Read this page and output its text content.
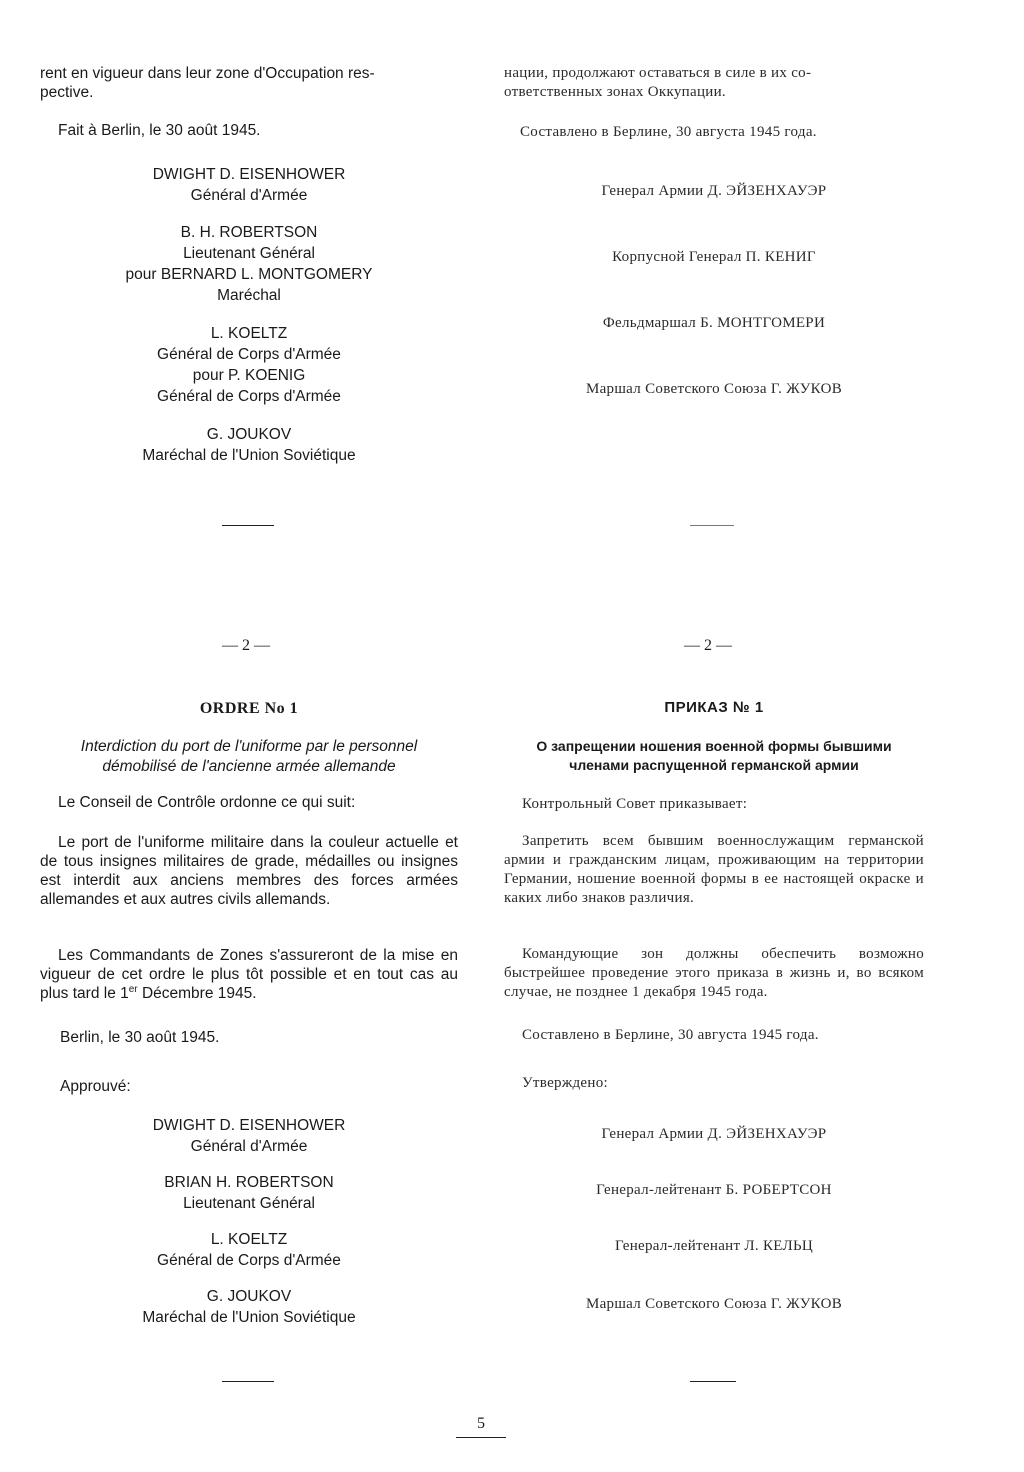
rent en vigueur dans leur zone d'Occupation res-

pective.

Fait à Berlin, le 30 août 1945.
DWIGHT D. EISENHOWER
Général d'Armée
B. H. ROBERTSON
Lieutenant Général
pour BERNARD L. MONTGOMERY
Maréchal
L. KOELTZ
Général de Corps d'Armée
pour P. KOENIG
Général de Corps d'Armée
G. JOUKOV
Maréchal de l'Union Soviétique
— 2 —

нации, продолжают оставаться в силе в их со-

ответственных зонах Оккупации.

Составлено в Берлине, 30 августа 1945 года.
Генерал Армии Д. ЭЙЗЕНХАУЭР
Корпусной Генерал П. КЕНИГ
Фельдмаршал Б. МОНТГОМЕРИ
Маршал Советского Союза Г. ЖУКОВ
— 2 —
ORDRE No 1
Interdiction du port de l'uniforme par le personnel
démobilisé de l'ancienne armée allemande
Le Conseil de Contrôle ordonne ce qui suit:

Le port de l'uniforme militaire dans la couleur actuelle et de tous insignes militaires de grade, médailles ou insignes est interdit aux anciens membres des forces armées allemandes et aux autres civils allemands.

Les Commandants de Zones s'assureront de la mise en vigueur de cet ordre le plus tôt possible et en tout cas au plus tard le 1er Décembre 1945.

Berlin, le 30 août 1945.
Approuvé:
DWIGHT D. EISENHOWER
Général d'Armée
BRIAN H. ROBERTSON
Lieutenant Général
L. KOELTZ
Général de Corps d'Armée
G. JOUKOV
Maréchal de l'Union Soviétique
ПРИКАЗ № 1
О запрещении ношения военной формы бывшими
членами распущенной германской армии
Контрольный Совет приказывает:

Запретить всем бывшим военнослужащим германской армии и гражданским лицам, проживающим на территории Германии, ношение военной формы в ее настоящей окраске и каких либо знаков различия.

Командующие зон должны обеспечить возможно быстрейшее проведение этого приказа в жизнь и, во всяком случае, не позднее 1 декабря 1945 года.

Составлено в Берлине, 30 августа 1945 года.
Утверждено:
Генерал Армии Д. ЭЙЗЕНХАУЭР
Генерал-лейтенант Б. РОБЕРТСОН
Генерал-лейтенант Л. КЕЛЬЦ
Маршал Советского Союза Г. ЖУКОВ
5
